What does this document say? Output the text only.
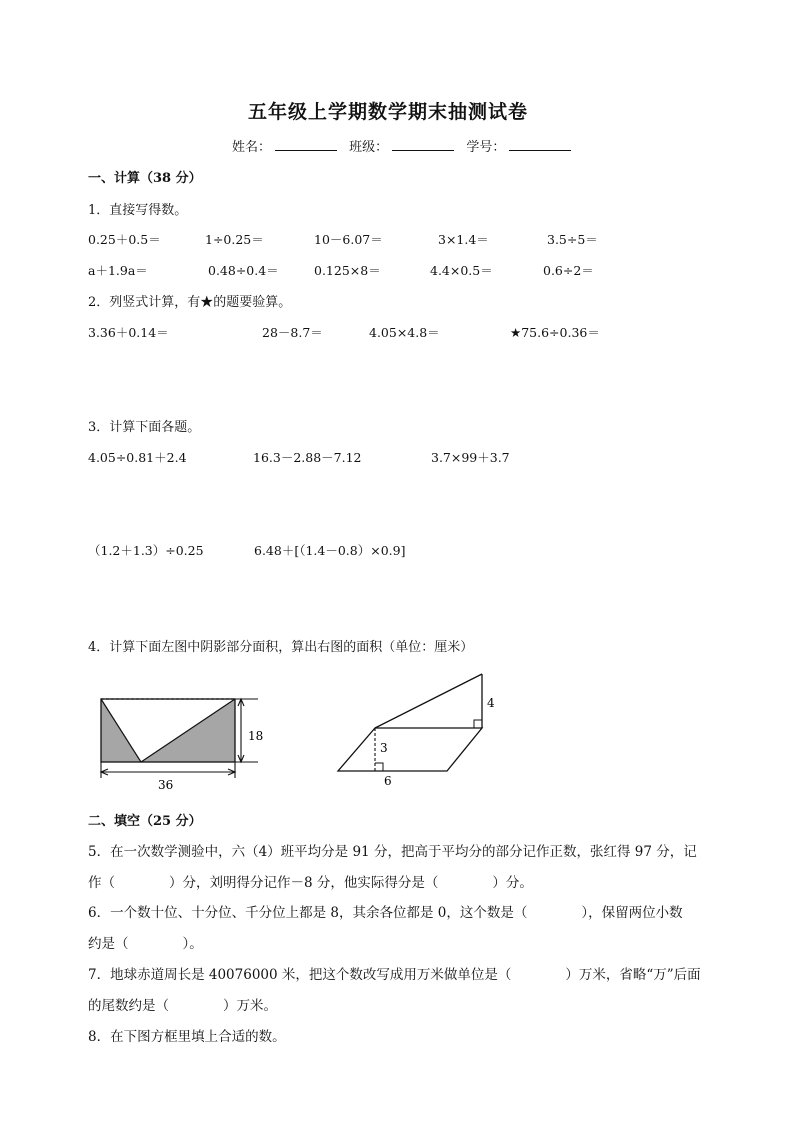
五年级上学期数学期末抽测试卷
姓名：	班级：	学号：
一、计算（38 分）
1．直接写得数。
0.25＋0.5＝	1÷0.25＝	10－6.07＝	3×1.4＝	3.5÷5＝
a＋1.9a＝	0.48÷0.4＝	0.125×8＝	4.4×0.5＝	0.6÷2＝
2．列竖式计算，有★的题要验算。
3.36＋0.14＝	28－8.7＝	4.05×4.8＝	★75.6÷0.36＝
3．计算下面各题。
4.05÷0.81＋2.4	16.3－2.88－7.12	3.7×99＋3.7
（1.2＋1.3）÷0.25	6.48＋[（1.4－0.8）×0.9]
4．计算下面左图中阴影部分面积，算出右图的面积（单位：厘米）
18
36
4
3
6
二、填空（25 分）
5．在一次数学测验中，六（4）班平均分是 91 分，把高于平均分的部分记作正数，张红得 97 分，记
作（　　　　）分，刘明得分记作－8 分，他实际得分是（　　　　）分。
6．一个数十位、十分位、千分位上都是 8，其余各位都是 0，这个数是（　　　　），保留两位小数
约是（　　　　）。
7．地球赤道周长是 40076000 米，把这个数改写成用万米做单位是（　　　　）万米，省略“万”后面
的尾数约是（　　　　）万米。
8．在下图方框里填上合适的数。
